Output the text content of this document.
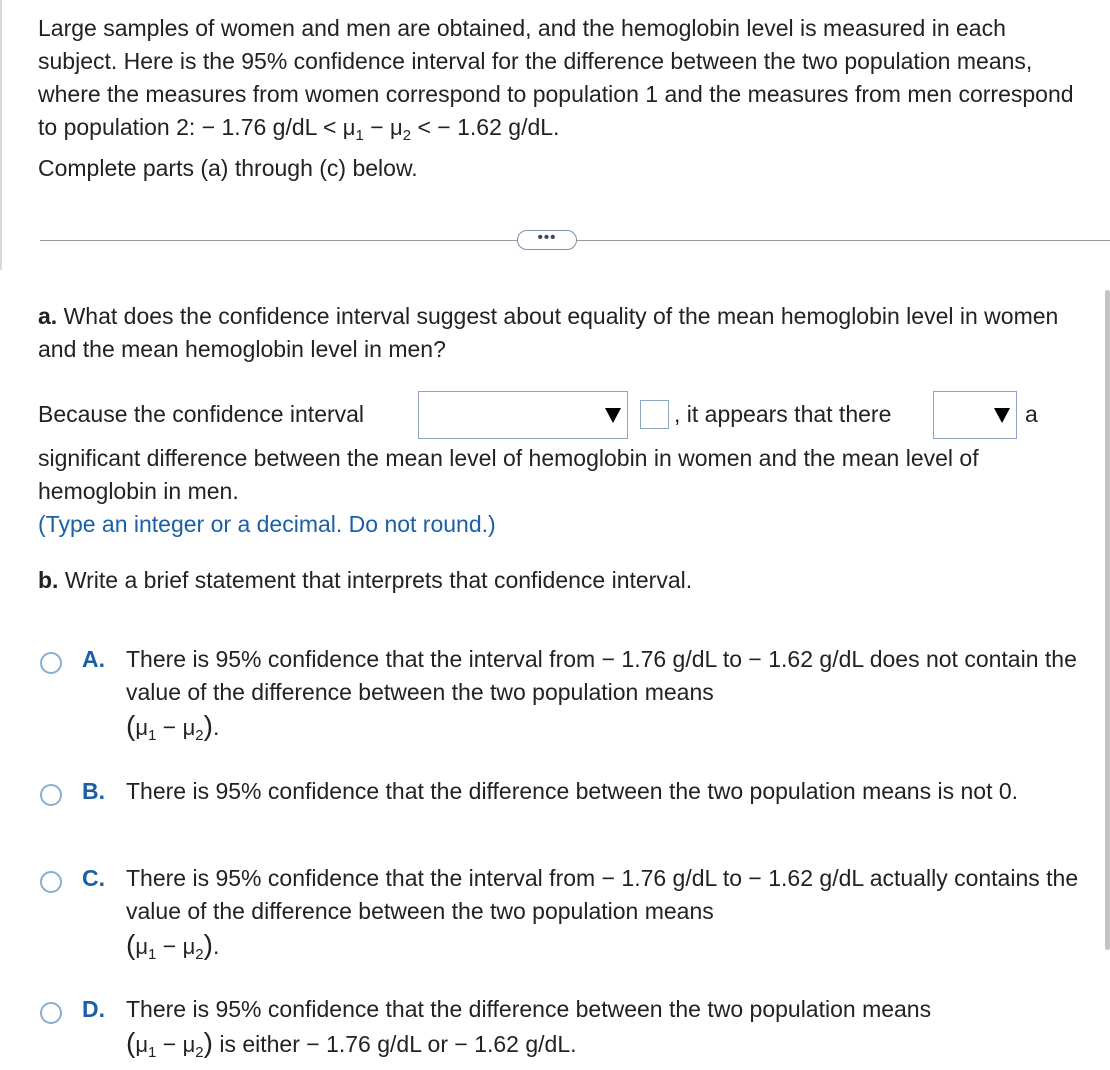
Large samples of women and men are obtained, and the hemoglobin level is measured in each subject. Here is the 95% confidence interval for the difference between the two population means, where the measures from women correspond to population 1 and the measures from men correspond to population 2: − 1.76 $g/dL < \mu_1 - \mu_2$ < − 1.62 g/dL.

Complete parts (a) through (c) below.

•••

a. What does the confidence interval suggest about equality of the mean hemoglobin level in women and the mean hemoglobin level in men?

Because the confidence interval	, it appears that there	a

significant difference between the mean level of hemoglobin in women and the mean level of hemoglobin in men.

(Type an integer or a decimal. Do not round.)

b. Write a brief statement that interprets that confidence interval.

A. There is 95% confidence that the interval from − 1.76 g/dL to − 1.62 g/dL does not contain the value of the difference between the two population means
$(\mu_1 - \mu_2)$.
B. There is 95% confidence that the difference between the two population means is not 0.
C. There is 95% confidence that the interval from − 1.76 g/dL to − 1.62 g/dL actually contains the value of the difference between the two population means
$(\mu_1 - \mu_2)$.
D. There is 95% confidence that the difference between the two population means
$(\mu_1 - \mu_2)$ is either − 1.76 g/dL or − 1.62 g/dL.
